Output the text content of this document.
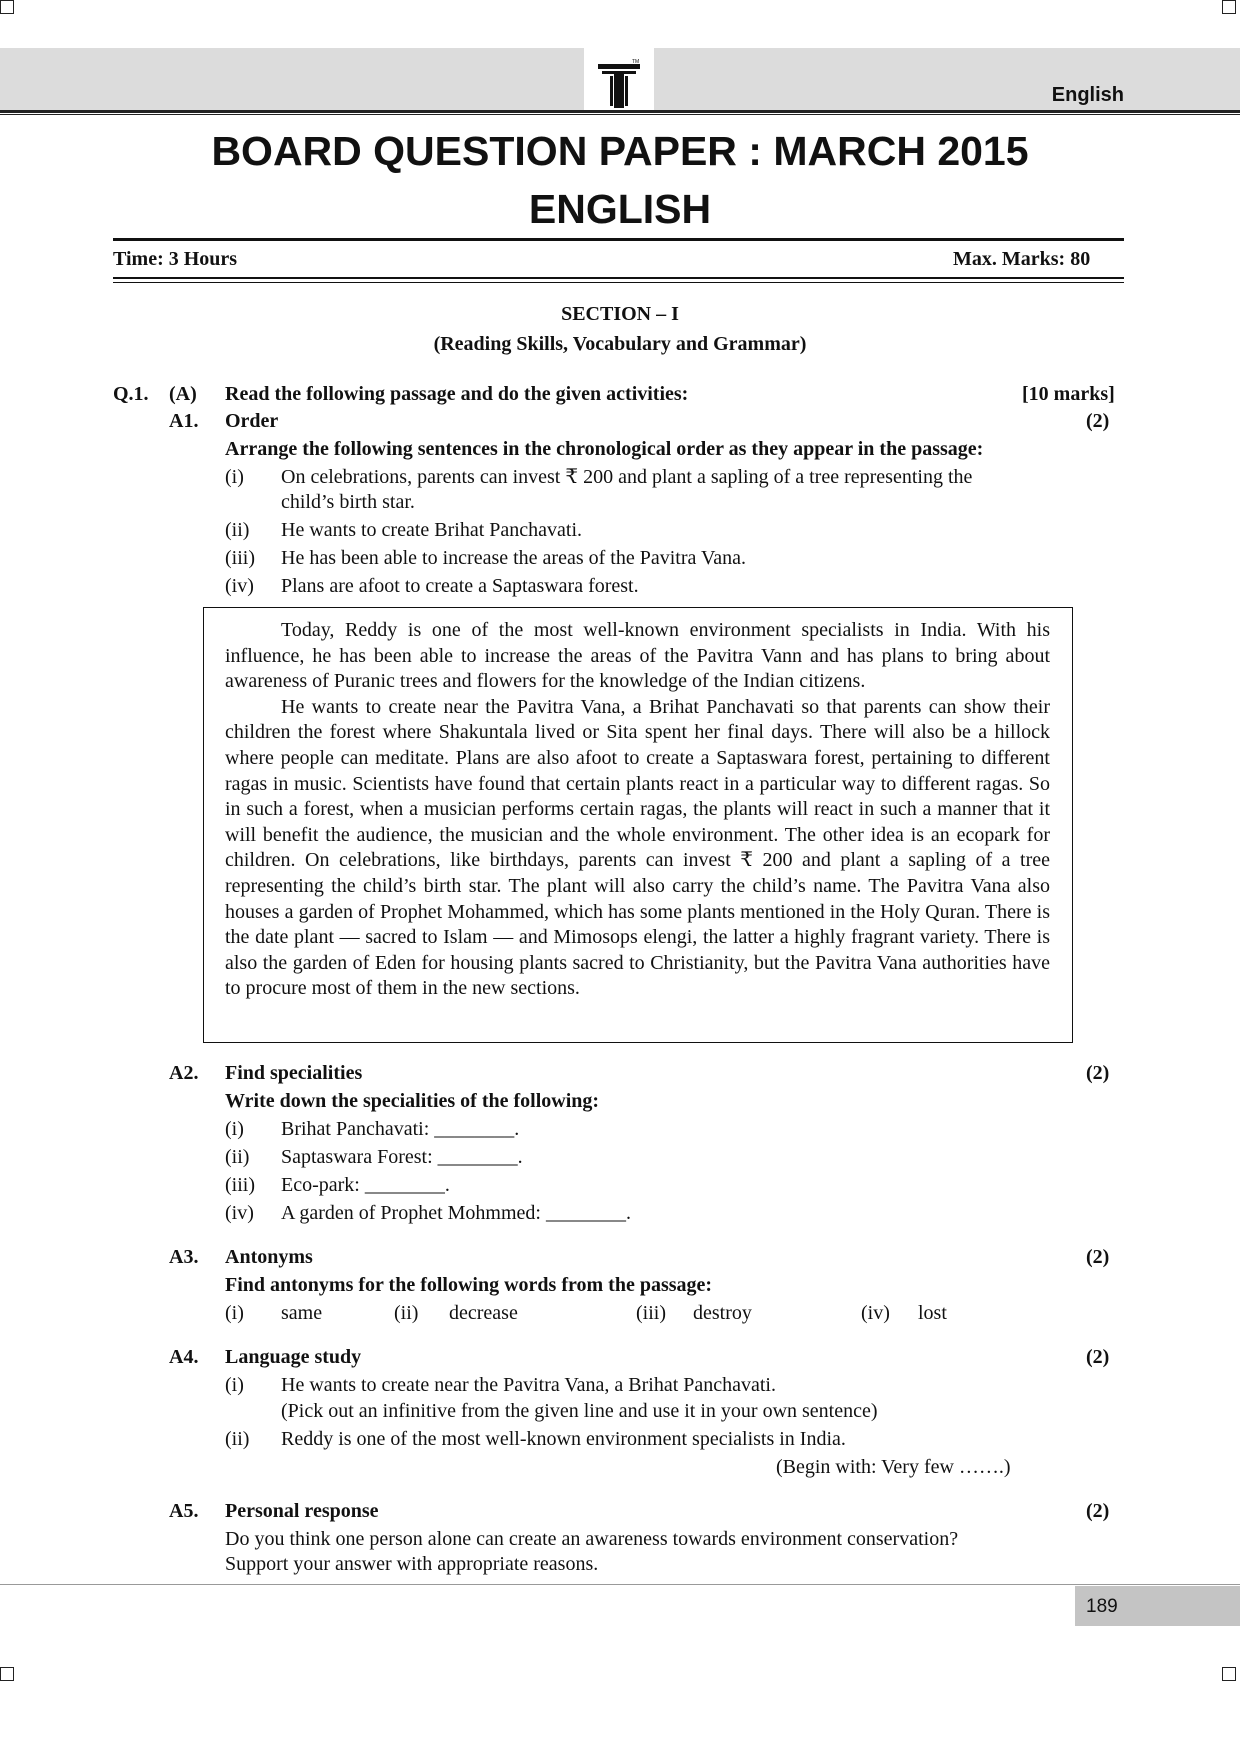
TM
English
BOARD QUESTION PAPER : MARCH 2015
ENGLISH
Time: 3 Hours	Max. Marks: 80
SECTION – I
(Reading Skills, Vocabulary and Grammar)
Q.1. (A) Read the following passage and do the given activities:	[10 marks]
A1. Order	(2)
Arrange the following sentences in the chronological order as they appear in the passage:
(i) On celebrations, parents can invest ₹ 200 and plant a sapling of a tree representing the
child’s birth star.
(ii) He wants to create Brihat Panchavati.
(iii) He has been able to increase the areas of the Pavitra Vana.
(iv) Plans are afoot to create a Saptaswara forest.

Today, Reddy is one of the most well-known environment specialists in India. With his influence, he has been able to increase the areas of the Pavitra Vann and has plans to bring about awareness of Puranic trees and flowers for the knowledge of the Indian citizens.

He wants to create near the Pavitra Vana, a Brihat Panchavati so that parents can show their children the forest where Shakuntala lived or Sita spent her final days. There will also be a hillock where people can meditate. Plans are also afoot to create a Saptaswara forest, pertaining to different ragas in music. Scientists have found that certain plants react in a particular way to different ragas. So in such a forest, when a musician performs certain ragas, the plants will react in such a manner that it will benefit the audience, the musician and the whole environment. The other idea is an ecopark for children. On celebrations, like birthdays, parents can invest ₹ 200 and plant a sapling of a tree representing the child’s birth star. The plant will also carry the child’s name. The Pavitra Vana also houses a garden of Prophet Mohammed, which has some plants mentioned in the Holy Quran. There is the date plant — sacred to Islam — and Mimosops elengi, the latter a highly fragrant variety. There is also the garden of Eden for housing plants sacred to Christianity, but the Pavitra Vana authorities have to procure most of them in the new sections.

A2. Find specialities	(2)
Write down the specialities of the following:
(i) Brihat Panchavati: ________.
(ii) Saptaswara Forest: ________.
(iii) Eco-park: ________.
(iv) A garden of Prophet Mohmmed: ________.
A3. Antonyms	(2)
Find antonyms for the following words from the passage:
(i) same	(ii) decrease	(iii) destroy	(iv) lost
A4. Language study	(2)
(i) He wants to create near the Pavitra Vana, a Brihat Panchavati.
(Pick out an infinitive from the given line and use it in your own sentence)
(ii) Reddy is one of the most well-known environment specialists in India.
(Begin with: Very few …….)
A5. Personal response	(2)
Do you think one person alone can create an awareness towards environment conservation?
Support your answer with appropriate reasons.
189
